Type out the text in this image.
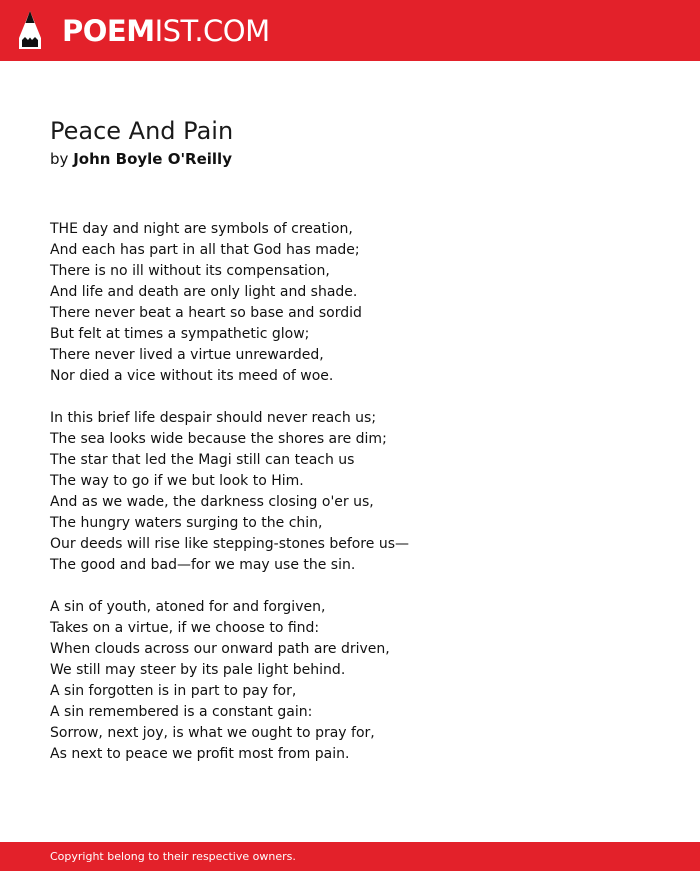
POEMIST.COM
Peace And Pain
by John Boyle O'Reilly
THE day and night are symbols of creation,
And each has part in all that God has made;
There is no ill without its compensation,
And life and death are only light and shade.
There never beat a heart so base and sordid
But felt at times a sympathetic glow;
There never lived a virtue unrewarded,
Nor died a vice without its meed of woe.
In this brief life despair should never reach us;
The sea looks wide because the shores are dim;
The star that led the Magi still can teach us
The way to go if we but look to Him.
And as we wade, the darkness closing o'er us,
The hungry waters surging to the chin,
Our deeds will rise like stepping-stones before us—
The good and bad—for we may use the sin.
A sin of youth, atoned for and forgiven,
Takes on a virtue, if we choose to find:
When clouds across our onward path are driven,
We still may steer by its pale light behind.
A sin forgotten is in part to pay for,
A sin remembered is a constant gain:
Sorrow, next joy, is what we ought to pray for,
As next to peace we profit most from pain.
Copyright belong to their respective owners.
